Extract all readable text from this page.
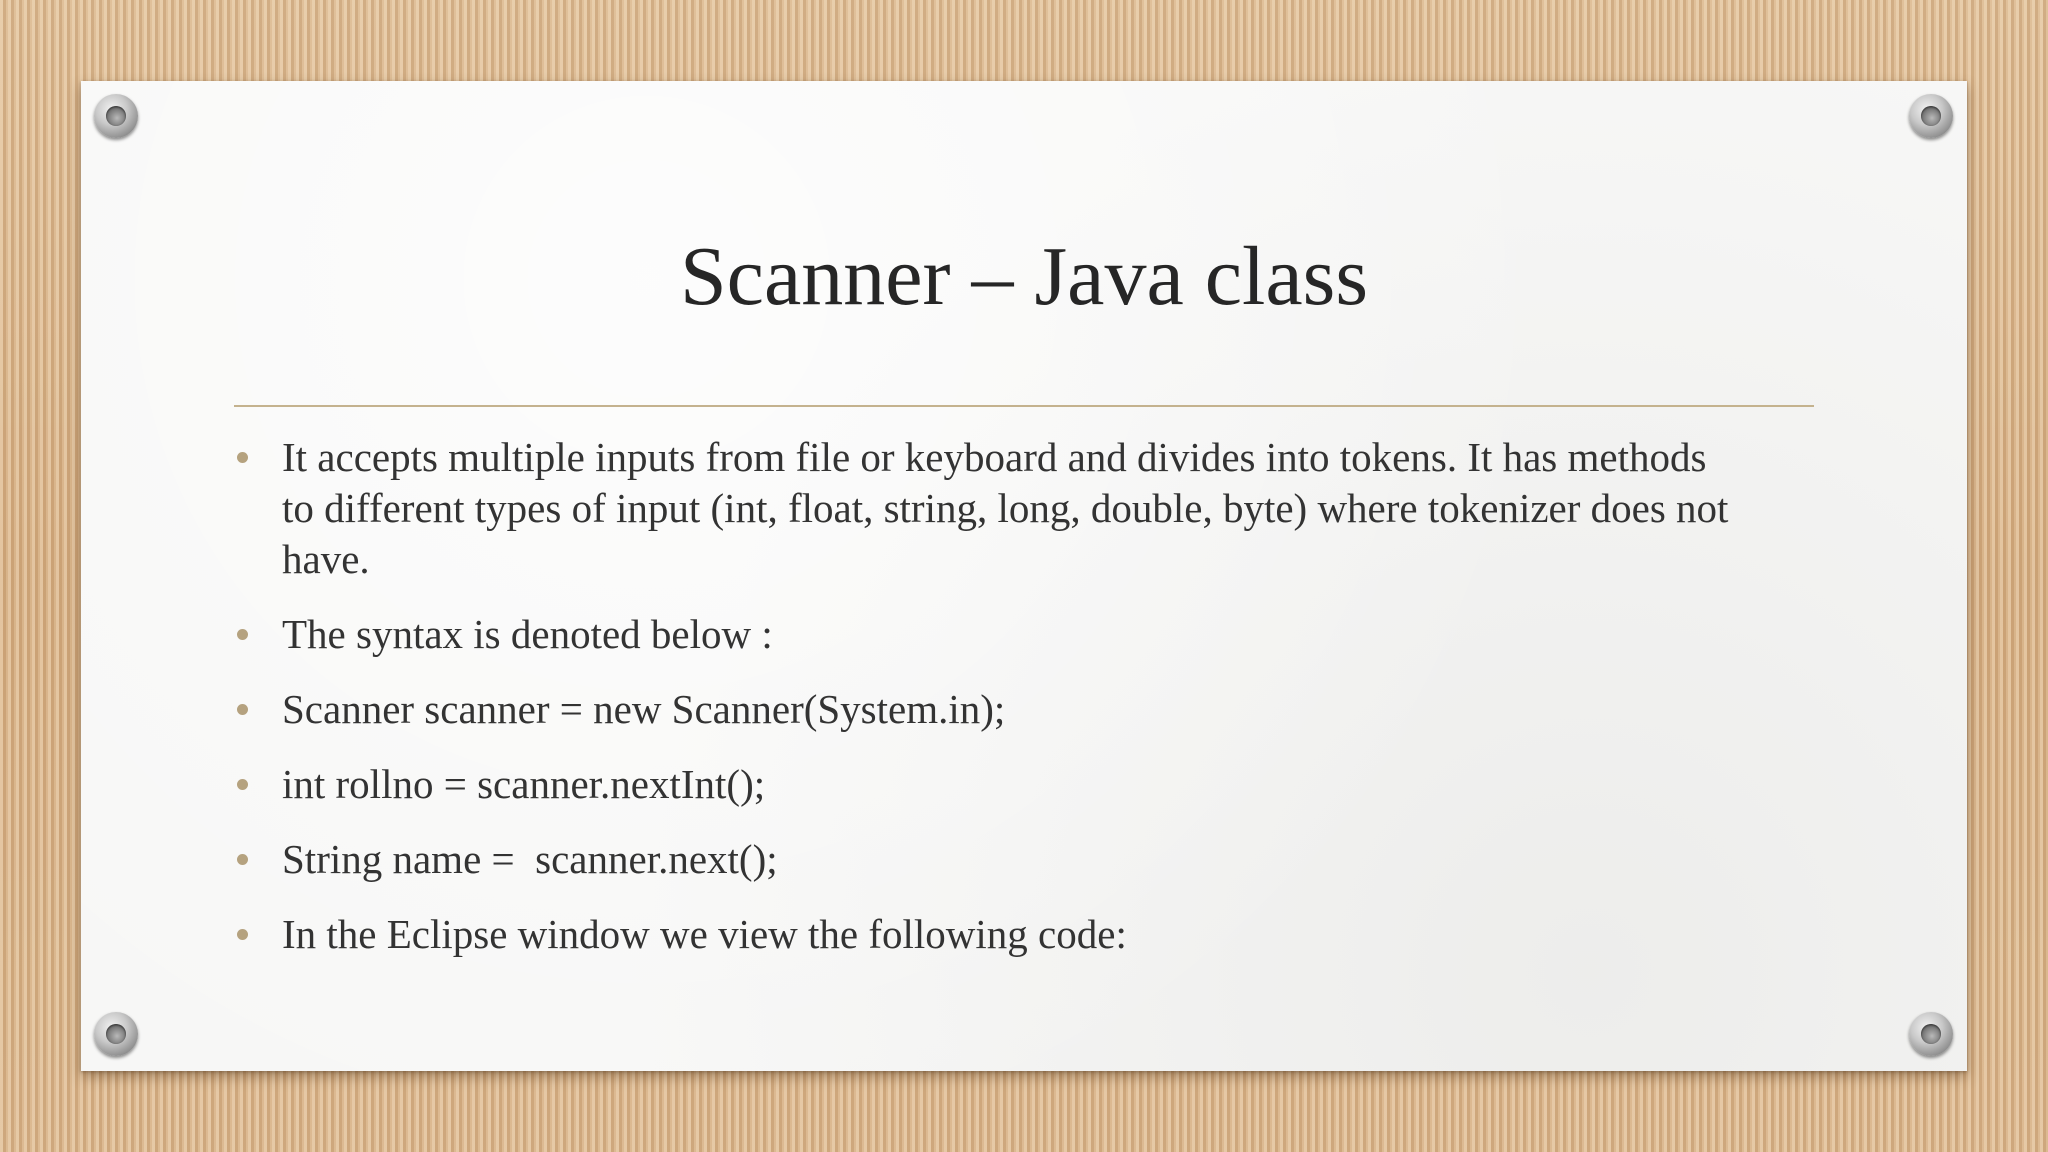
Scanner – Java class
It accepts multiple inputs from file or keyboard and divides into tokens. It has methods to different types of input (int, float, string, long, double, byte) where tokenizer does not have.
The syntax is denoted below :
Scanner scanner = new Scanner(System.in);
int rollno = scanner.nextInt();
String name =  scanner.next();
In the Eclipse window we view the following code:
